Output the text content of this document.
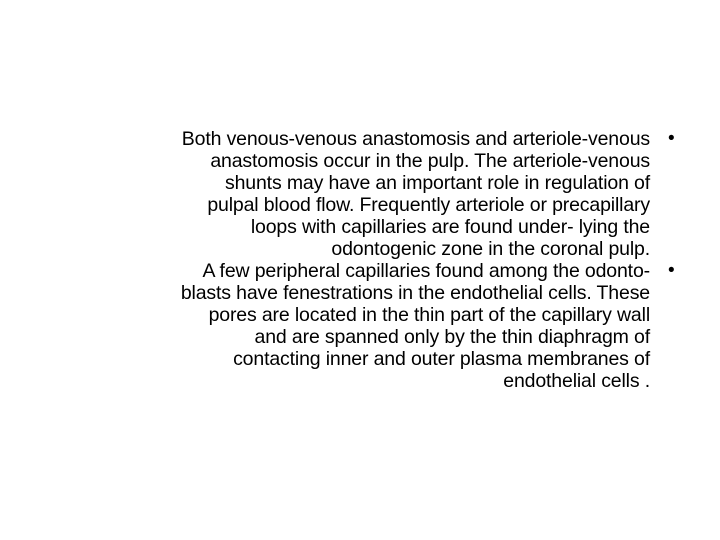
•
Both venous-venous anastomosis and arteriole-venous
anastomosis occur in the pulp. The arteriole-venous
shunts may have an important role in regulation of
pulpal blood flow. Frequently arteriole or precapillary
loops with capillaries are found under- lying the
odontogenic zone in the coronal pulp.
•
A few peripheral capillaries found among the odonto-
blasts have fenestrations in the endothelial cells. These
pores are located in the thin part of the capillary wall
and are spanned only by the thin diaphragm of
contacting inner and outer plasma membranes of
endothelial cells .
